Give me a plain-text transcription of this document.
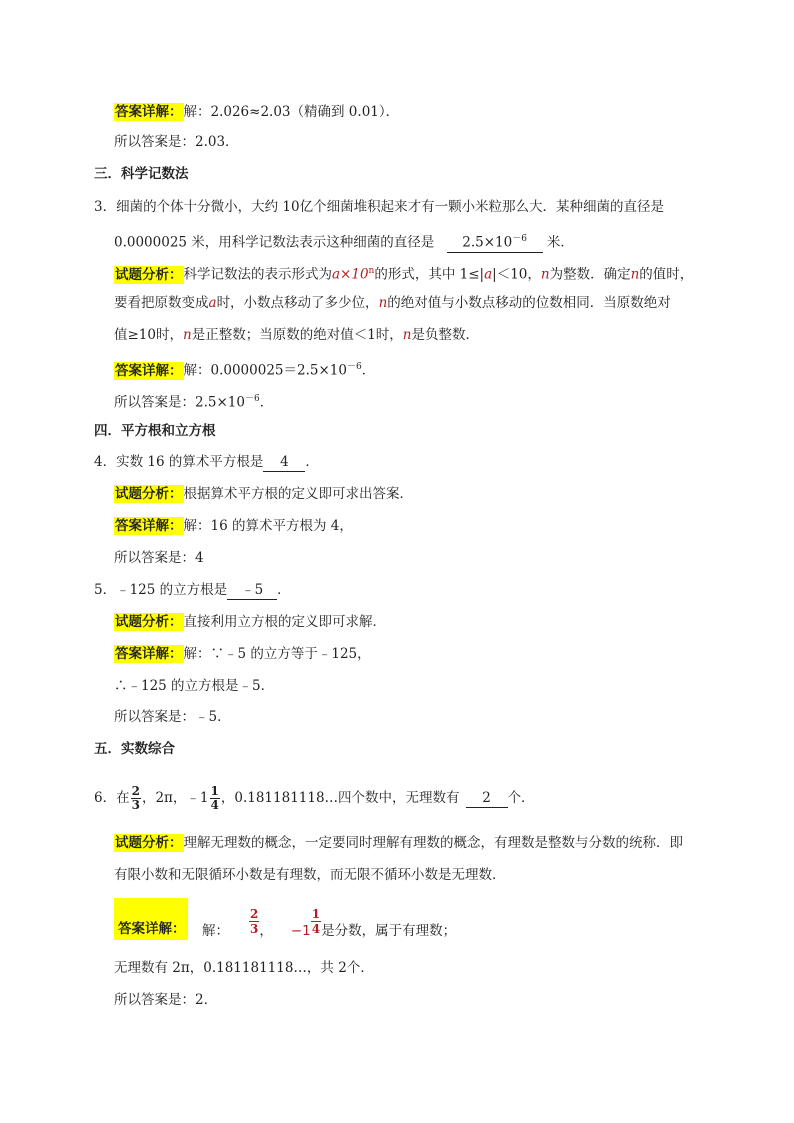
答案详解：解：2.026≈2.03（精确到 0.01）．
所以答案是：2.03．
三．科学记数法
3．细菌的个体十分微小，大约 10亿个细菌堆积起来才有一颗小米粒那么大．某种细菌的直径是
0.0000025 米，用科学记数法表示这种细菌的直径是 $2.5\times 10^{-6}$ 米．
试题分析：科学记数法的表示形式为$a\times 10^n$的形式，其中 1≤|a|＜10，n为整数．确定n的值时，
要看把原数变成a时，小数点移动了多少位，n的绝对值与小数点移动的位数相同．当原数绝对
值≥10时，n是正整数；当原数的绝对值＜1时，n是负整数．
答案详解：解：$0.0000025=2.5\times 10^{-6}$．
所以答案是：$2.5\times 10^{-6}$．
四．平方根和立方根
4．实数 16 的算术平方根是 4 ．
试题分析：根据算术平方根的定义即可求出答案．
答案详解：解：16 的算术平方根为 4，
所以答案是：4
5．﹣125 的立方根是 ﹣5 ．
试题分析：直接利用立方根的定义即可求解．
答案详解：解：∵﹣5 的立方等于﹣125，
∴﹣125 的立方根是﹣5．
所以答案是：﹣5．
五．实数综合
6．在 $\frac{2}{3}$ ，2π，﹣1 $\frac{1}{4}$ ，0.181181118…四个数中，无理数有 2 个．
试题分析：理解无理数的概念，一定要同时理解有理数的概念，有理数是整数与分数的统称．即
有限小数和无限循环小数是有理数，而无限不循环小数是无理数．
答案详解： 解： $\frac{2}{3}$ ， $-1 \frac{1}{4}$ 是分数，属于有理数；
无理数有 2π，0.181181118…，共 2个．
所以答案是：2．
